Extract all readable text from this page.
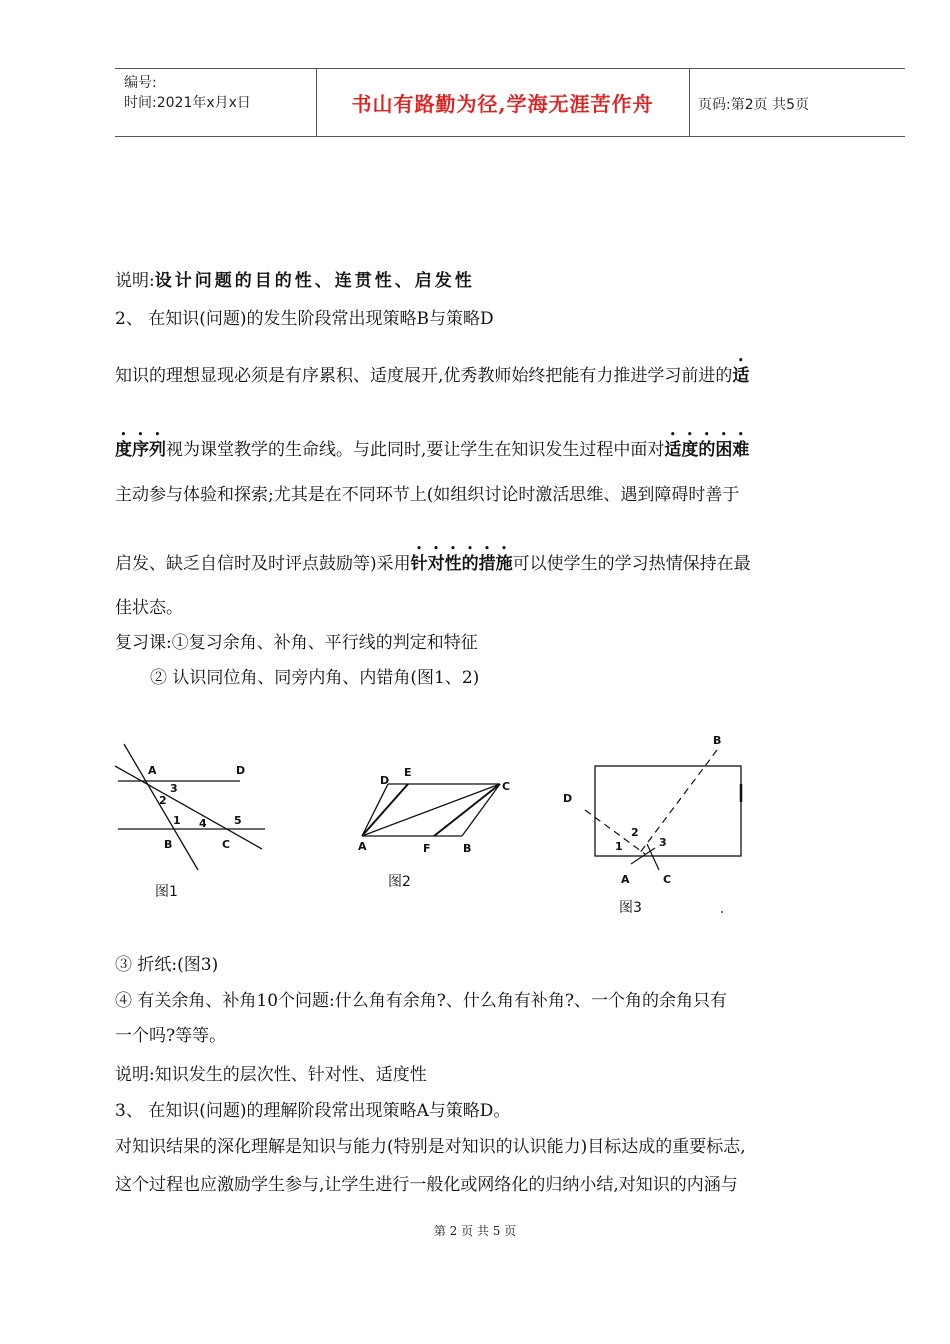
编号:
时间:2021年x月x日	书山有路勤为径,学海无涯苦作舟	页码:第2页 共5页
说明:设计问题的目的性、连贯性、启发性
2、 在知识(问题)的发生阶段常出现策略B与策略D
知识的理想显现必须是有序累积、适度展开,优秀教师始终把能有力推进学习前进的适
度序列视为课堂教学的生命线。与此同时,要让学生在知识发生过程中面对适度的困难
主动参与体验和探索;尤其是在不同环节上(如组织讨论时激活思维、遇到障碍时善于
启发、缺乏自信时及时评点鼓励等)采用针对性的措施可以使学生的学习热情保持在最
佳状态。
复习课:①复习余角、补角、平行线的判定和特征
② 认识同位角、同旁内角、内错角(图1、2)
A	D
3
2
1 4 5
B	C
图1
D
E
C
A	F	B
图2
B
D
1
2
3
A	C
图3
③ 折纸:(图3)
④ 有关余角、补角10个问题:什么角有余角?、什么角有补角?、一个角的余角只有
一个吗?等等。
说明:知识发生的层次性、针对性、适度性
3、 在知识(问题)的理解阶段常出现策略A与策略D。
对知识结果的深化理解是知识与能力(特别是对知识的认识能力)目标达成的重要标志,
这个过程也应激励学生参与,让学生进行一般化或网络化的归纳小结,对知识的内涵与
第 2 页 共 5 页
